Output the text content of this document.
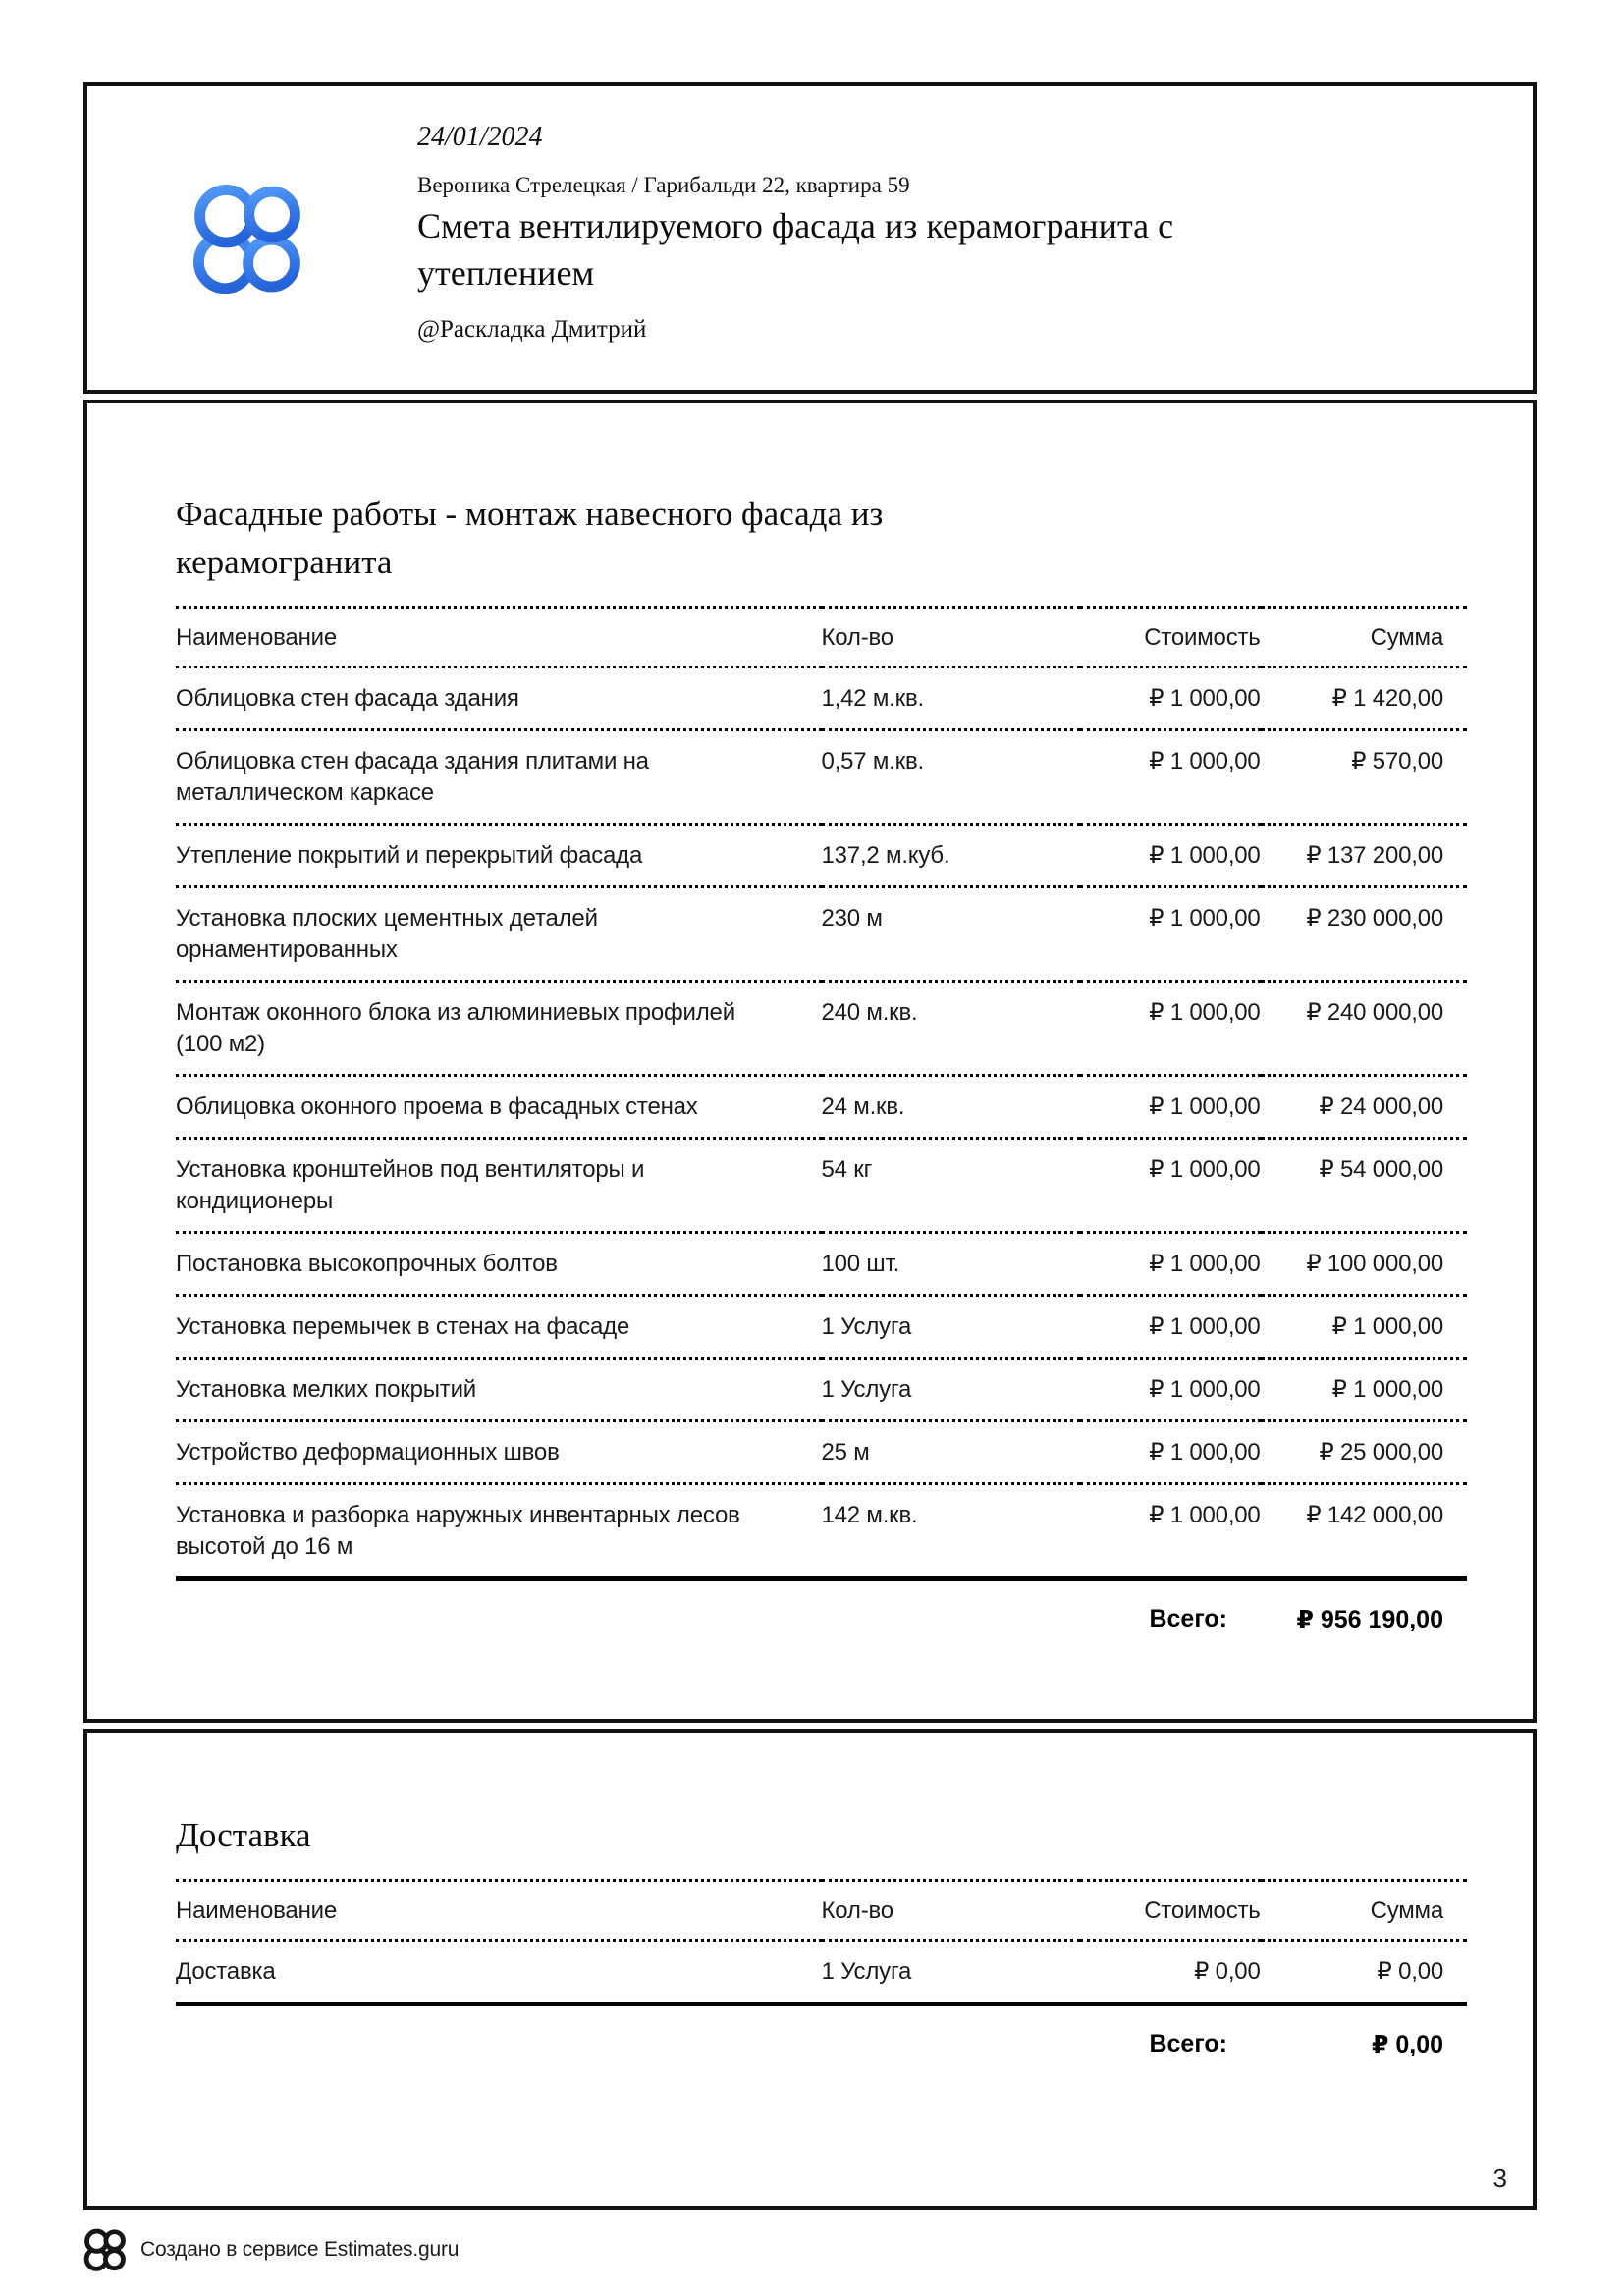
24/01/2024
Вероника Стрелецкая / Гарибальди 22, квартира 59
Смета вентилируемого фасада из керамогранита с утеплением
@Раскладка Дмитрий
Фасадные работы - монтаж навесного фасада из керамогранита
Наименование	Кол-во	Стоимость	Сумма
Облицовка стен фасада здания	1,42 м.кв.	₽ 1 000,00	₽ 1 420,00
Облицовка стен фасада здания плитами на металлическом каркасе	0,57 м.кв.	₽ 1 000,00	₽ 570,00
Утепление покрытий и перекрытий фасада	137,2 м.куб.	₽ 1 000,00	₽ 137 200,00
Установка плоских цементных деталей орнаментированных	230 м	₽ 1 000,00	₽ 230 000,00
Монтаж оконного блока из алюминиевых профилей (100 м2)	240 м.кв.	₽ 1 000,00	₽ 240 000,00
Облицовка оконного проема в фасадных стенах	24 м.кв.	₽ 1 000,00	₽ 24 000,00
Установка кронштейнов под вентиляторы и кондиционеры	54 кг	₽ 1 000,00	₽ 54 000,00
Постановка высокопрочных болтов	100 шт.	₽ 1 000,00	₽ 100 000,00
Установка перемычек в стенах на фасаде	1 Услуга	₽ 1 000,00	₽ 1 000,00
Установка мелких покрытий	1 Услуга	₽ 1 000,00	₽ 1 000,00
Устройство деформационных швов	25 м	₽ 1 000,00	₽ 25 000,00
Установка и разборка наружных инвентарных лесов высотой до 16 м	142 м.кв.	₽ 1 000,00	₽ 142 000,00
Всего:	₽ 956 190,00
Доставка
Наименование	Кол-во	Стоимость	Сумма
Доставка	1 Услуга	₽ 0,00	₽ 0,00
Всего:	₽ 0,00
3
Создано в сервисе Estimates.guru
